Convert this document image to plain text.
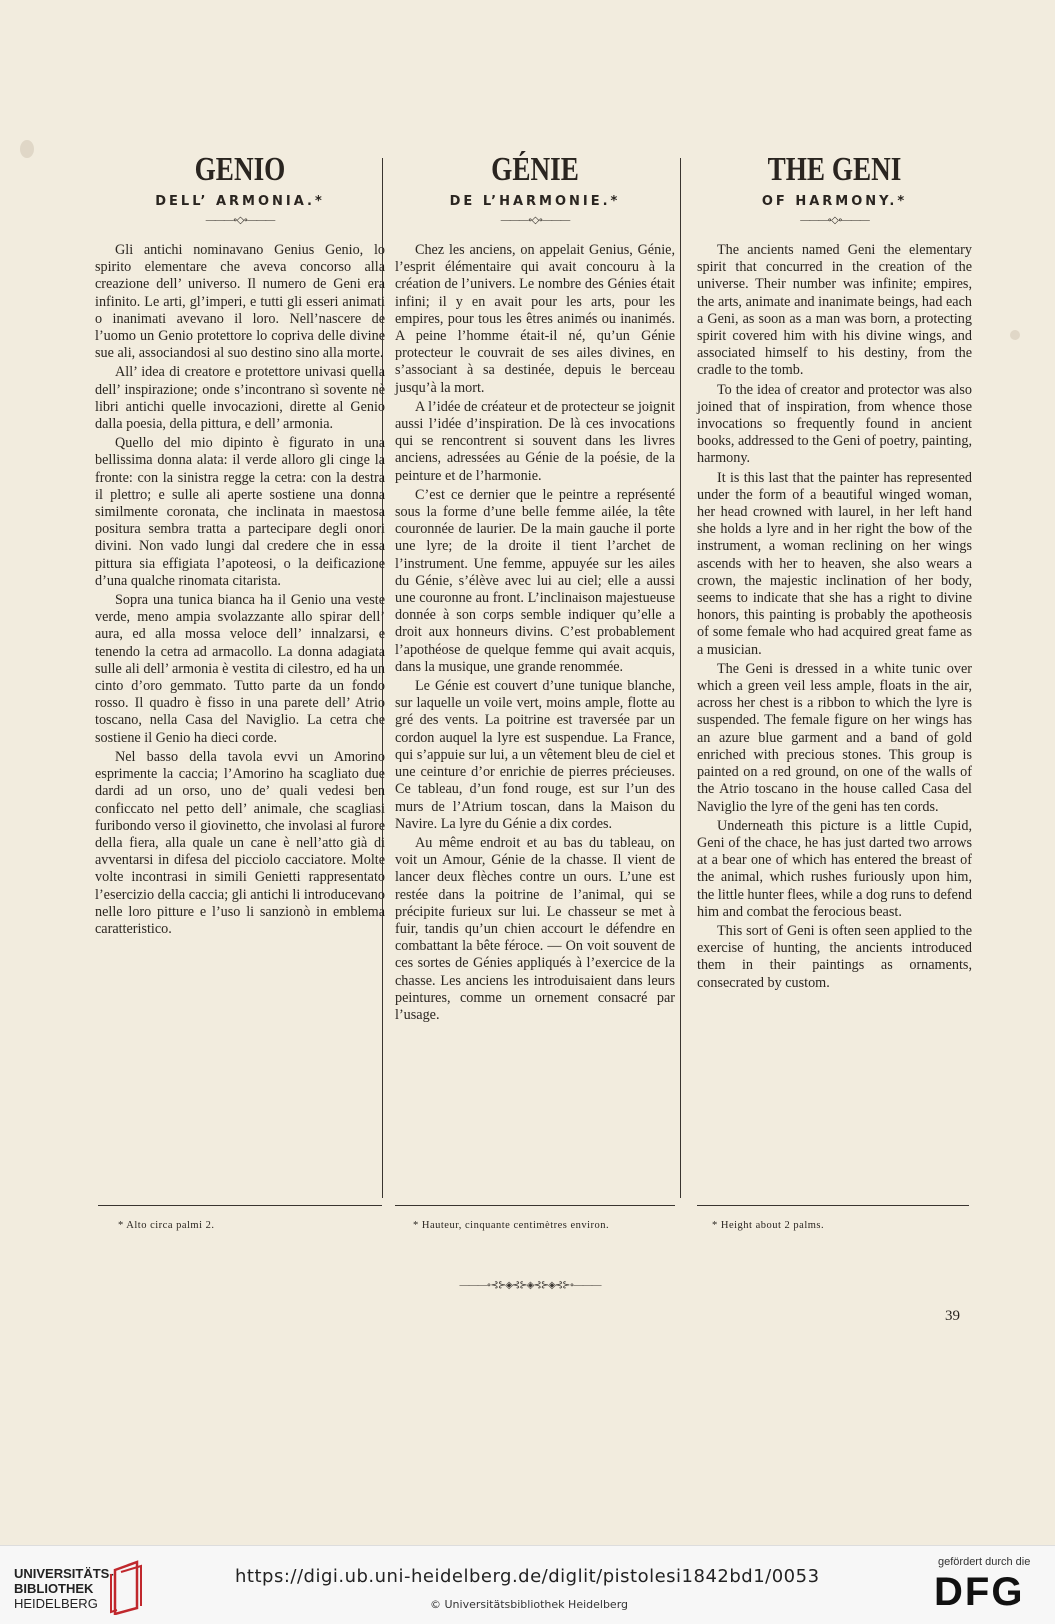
GENIO
DELL’ ARMONIA.*
———∘◇∘———

Gli antichi nominavano Genius Genio, lo spirito elementare che aveva concorso alla creazione dell’ universo. Il numero de Geni era infinito. Le arti, gl’imperi, e tutti gli esseri animati o inanimati avevano il loro. Nell’nascere de l’uomo un Genio protettore lo copriva delle divine sue ali, associandosi al suo destino sino alla morte.

All’ idea di creatore e protettore univasi quella dell’ inspirazione; onde s’incontrano sì sovente nè libri antichi quelle invocazioni, dirette al Genio dalla poesia, della pittura, e dell’ armonia.

Quello del mio dipinto è figurato in una bellissima donna alata: il verde alloro gli cinge la fronte: con la sinistra regge la cetra: con la destra il plettro; e sulle ali aperte sostiene una donna similmente coronata, che inclinata in maestosa positura sembra tratta a partecipare degli onori divini. Non vado lungi dal credere che in essa pittura sia effigiata l’apoteosi, o la deificazione d’una qualche rinomata citarista.

Sopra una tunica bianca ha il Genio una veste verde, meno ampia svolazzante allo spirar dell’ aura, ed alla mossa veloce dell’ innalzarsi, e tenendo la cetra ad armacollo. La donna adagiata sulle ali dell’ armonia è vestita di cilestro, ed ha un cinto d’oro gemmato. Tutto parte da un fondo rosso. Il quadro è fisso in una parete dell’ Atrio toscano, nella Casa del Naviglio. La cetra che sostiene il Genio ha dieci corde.

Nel basso della tavola evvi un Amorino esprimente la caccia; l’Amorino ha scagliato due dardi ad un orso, uno de’ quali vedesi ben conficcato nel petto dell’ animale, che scagliasi furibondo verso il giovinetto, che involasi al furore della fiera, alla quale un cane è nell’atto già di avventarsi in difesa del picciolo cacciatore. Molte volte incontrasi in simili Genietti rappresentato l’esercizio della caccia; gli antichi li introducevano nelle loro pitture e l’uso li sanzionò in emblema caratteristico.

GÉNIE
DE L’HARMONIE.*
———∘◇∘———

Chez les anciens, on appelait Genius, Génie, l’esprit élémentaire qui avait concouru à la création de l’univers. Le nombre des Génies était infini; il y en avait pour les arts, pour les empires, pour tous les êtres animés ou inanimés. A peine l’homme était-il né, qu’un Génie protecteur le couvrait de ses ailes divines, en s’associant à sa destinée, depuis le berceau jusqu’à la mort.

A l’idée de créateur et de protecteur se joignit aussi l’idée d’inspiration. De là ces invocations qui se rencontrent si souvent dans les livres anciens, adressées au Génie de la poésie, de la peinture et de l’harmonie.

C’est ce dernier que le peintre a représenté sous la forme d’une belle femme ailée, la tête couronnée de laurier. De la main gauche il porte une lyre; de la droite il tient l’archet de l’instrument. Une femme, appuyée sur les ailes du Génie, s’élève avec lui au ciel; elle a aussi une couronne au front. L’inclinaison majestueuse donnée à son corps semble indiquer qu’elle a droit aux honneurs divins. C’est probablement l’apothéose de quelque femme qui avait acquis, dans la musique, une grande renommée.

Le Génie est couvert d’une tunique blanche, sur laquelle un voile vert, moins ample, flotte au gré des vents. La poitrine est traversée par un cordon auquel la lyre est suspendue. La France, qui s’appuie sur lui, a un vêtement bleu de ciel et une ceinture d’or enrichie de pierres précieuses. Ce tableau, d’un fond rouge, est sur l’un des murs de l’Atrium toscan, dans la Maison du Navire. La lyre du Génie a dix cordes.

Au même endroit et au bas du tableau, on voit un Amour, Génie de la chasse. Il vient de lancer deux flèches contre un ours. L’une est restée dans la poitrine de l’animal, qui se précipite furieux sur lui. Le chasseur se met à fuir, tandis qu’un chien accourt le défendre en combattant la bête féroce. — On voit souvent de ces sortes de Génies appliqués à l’exercice de la chasse. Les anciens les introduisaient dans leurs peintures, comme un ornement consacré par l’usage.

THE GENI
OF HARMONY.*
———∘◇∘———

The ancients named Geni the elementary spirit that concurred in the creation of the universe. Their number was infinite; empires, the arts, animate and inanimate beings, had each a Geni, as soon as a man was born, a protecting spirit covered him with his divine wings, and associated himself to his destiny, from the cradle to the tomb.

To the idea of creator and protector was also joined that of inspiration, from whence those invocations so frequently found in ancient books, addressed to the Geni of poetry, painting, harmony.

It is this last that the painter has represented under the form of a beautiful winged woman, her head crowned with laurel, in her left hand she holds a lyre and in her right the bow of the instrument, a woman reclining on her wings ascends with her to heaven, she also wears a crown, the majestic inclination of her body, seems to indicate that she has a right to divine honors, this painting is probably the apotheosis of some female who had acquired great fame as a musician.

The Geni is dressed in a white tunic over which a green veil less ample, floats in the air, across her chest is a ribbon to which the lyre is suspended. The female figure on her wings has an azure blue garment and a band of gold enriched with precious stones. This group is painted on a red ground, on one of the walls of the Atrio toscano in the house called Casa del Naviglio the lyre of the geni has ten cords.

Underneath this picture is a little Cupid, Geni of the chace, he has just darted two arrows at a bear one of which has entered the breast of the animal, which rushes furiously upon him, the little hunter flees, while a dog runs to defend him and combat the ferocious beast.

This sort of Geni is often seen applied to the exercise of hunting, the ancients introduced them in their paintings as ornaments, consecrated by custom.

* Alto circa palmi 2.	* Hauteur, cinquante centimètres environ.	* Height about 2 palms.
———∘⊰⊱◈⊰⊱◈⊰⊱◈⊰⊱∘———
39
UNIVERSITÄTS-
BIBLIOTHEK
HEIDELBERG
https://digi.ub.uni-heidelberg.de/diglit/pistolesi1842bd1/0053
© Universitätsbibliothek Heidelberg
gefördert durch die
DFG
